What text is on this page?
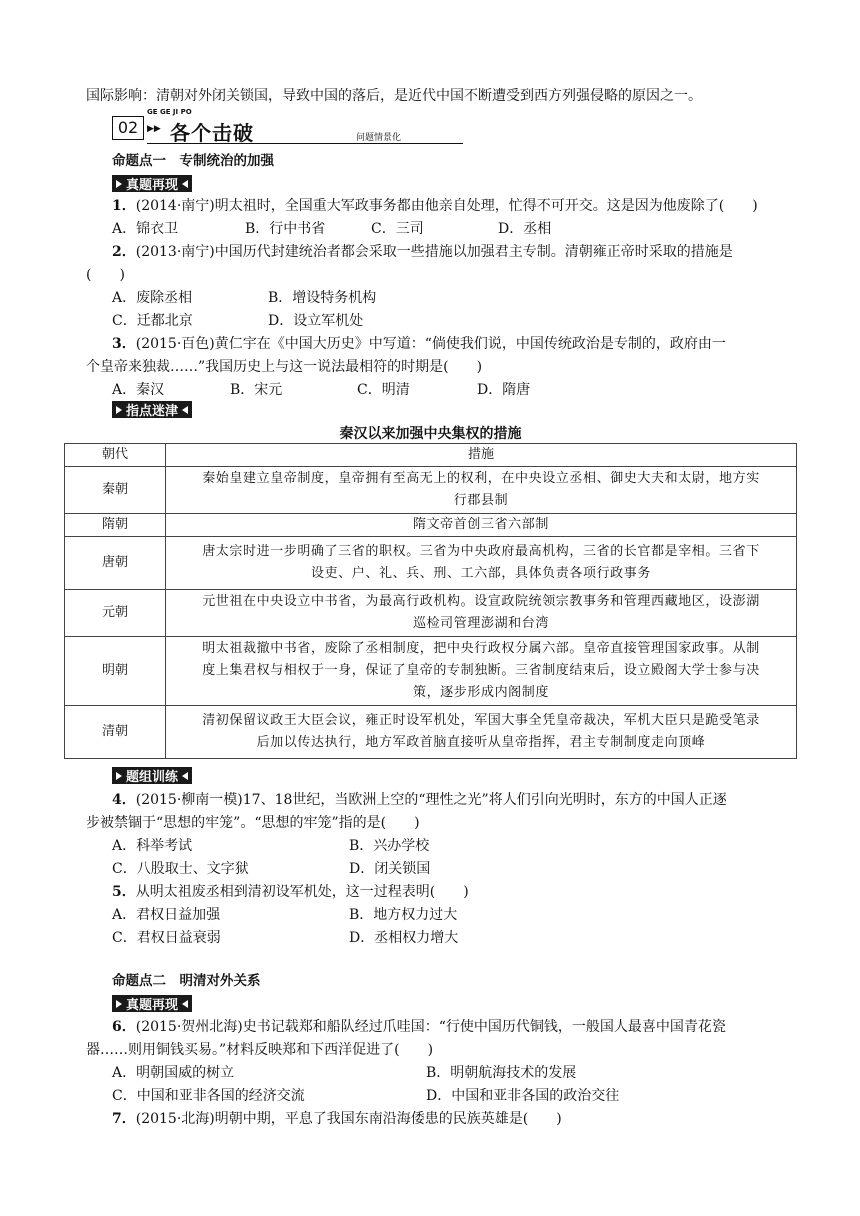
国际影响：清朝对外闭关锁国，导致中国的落后，是近代中国不断遭受到西方列强侵略的原因之一。
02
GE GE JI PO
▶▶ 各个击破	问题情景化
命题点一　专制统治的加强
真题再现
1．(2014·南宁)明太祖时，全国重大军政事务都由他亲自处理，忙得不可开交。这是因为他废除了(　　)
A．锦衣卫	B．行中书省	C．三司	D．丞相
2．(2013·南宁)中国历代封建统治者都会采取一些措施以加强君主专制。清朝雍正帝时采取的措施是
(　　)
A．废除丞相	B．增设特务机构
C．迁都北京	D．设立军机处
3．(2015·百色)黄仁宇在《中国大历史》中写道：“倘使我们说，中国传统政治是专制的，政府由一
个皇帝来独裁……”我国历史上与这一说法最相符的时期是(　　)
A．秦汉	B．宋元	C．明清	D．隋唐
指点迷津
秦汉以来加强中央集权的措施
朝代	措施
秦朝	秦始皇建立皇帝制度，皇帝拥有至高无上的权利，在中央设立丞相、御史大夫和太尉，地方实
行郡县制

隋朝	隋文帝首创三省六部制

唐朝	唐太宗时进一步明确了三省的职权。三省为中央政府最高机构，三省的长官都是宰相。三省下
设吏、户、礼、兵、刑、工六部，具体负责各项行政事务

元朝	元世祖在中央设立中书省，为最高行政机构。设宣政院统领宗教事务和管理西藏地区，设澎湖
巡检司管理澎湖和台湾

明朝	明太祖裁撤中书省，废除了丞相制度，把中央行政权分属六部。皇帝直接管理国家政事。从制
度上集君权与相权于一身，保证了皇帝的专制独断。三省制度结束后，设立殿阁大学士参与决
策，逐步形成内阁制度

清朝	清初保留议政王大臣会议，雍正时设军机处，军国大事全凭皇帝裁决，军机大臣只是跪受笔录
后加以传达执行，地方军政首脑直接听从皇帝指挥，君主专制制度走向顶峰
题组训练
4．(2015·柳南一模)17、18世纪，当欧洲上空的“理性之光”将人们引向光明时，东方的中国人正逐
步被禁锢于“思想的牢笼”。“思想的牢笼”指的是(　　)
A．科举考试	B．兴办学校
C．八股取士、文字狱	D．闭关锁国
5．从明太祖废丞相到清初设军机处，这一过程表明(　　)
A．君权日益加强	B．地方权力过大
C．君权日益衰弱	D．丞相权力增大
命题点二　明清对外关系
真题再现
6．(2015·贺州北海)史书记载郑和船队经过爪哇国：“行使中国历代铜钱，一般国人最喜中国青花瓷
器……则用铜钱买易。”材料反映郑和下西洋促进了(　　)
A．明朝国威的树立	B．明朝航海技术的发展
C．中国和亚非各国的经济交流	D．中国和亚非各国的政治交往
7．(2015·北海)明朝中期，平息了我国东南沿海倭患的民族英雄是(　　)
